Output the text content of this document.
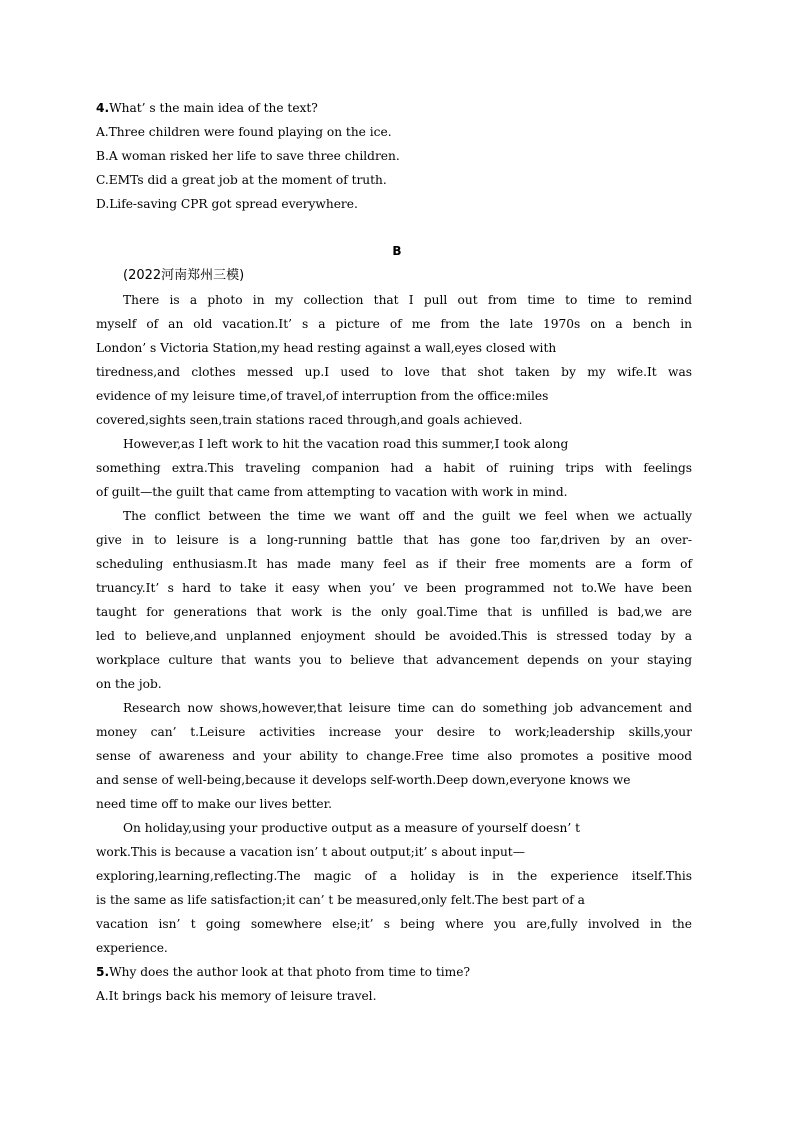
4.What’ s the main idea of the text?
A.Three children were found playing on the ice.
B.A woman risked her life to save three children.
C.EMTs did a great job at the moment of truth.
D.Life-saving CPR got spread everywhere.
B
(2022河南郑州三模)
There is a photo in my collection that I pull out from time to time to remind
myself of an old vacation.It’ s a picture of me from the late 1970s on a bench in
London’ s Victoria Station,my head resting against a wall,eyes closed with
tiredness,and clothes messed up.I used to love that shot taken by my wife.It was
evidence of my leisure time,of travel,of interruption from the office:miles
covered,sights seen,train stations raced through,and goals achieved.
However,as I left work to hit the vacation road this summer,I took along
something extra.This traveling companion had a habit of ruining trips with feelings
of guilt—the guilt that came from attempting to vacation with work in mind.
The conflict between the time we want off and the guilt we feel when we actually
give in to leisure is a long-running battle that has gone too far,driven by an over-
scheduling enthusiasm.It has made many feel as if their free moments are a form of
truancy.It’ s hard to take it easy when you’ ve been programmed not to.We have been
taught for generations that work is the only goal.Time that is unfilled is bad,we are
led to believe,and unplanned enjoyment should be avoided.This is stressed today by a
workplace culture that wants you to believe that advancement depends on your staying
on the job.
Research now shows,however,that leisure time can do something job advancement and
money can’ t.Leisure activities increase your desire to work;leadership skills,your
sense of awareness and your ability to change.Free time also promotes a positive mood
and sense of well-being,because it develops self-worth.Deep down,everyone knows we
need time off to make our lives better.
On holiday,using your productive output as a measure of yourself doesn’ t
work.This is because a vacation isn’ t about output;it’ s about input—
exploring,learning,reflecting.The magic of a holiday is in the experience itself.This
is the same as life satisfaction;it can’ t be measured,only felt.The best part of a
vacation isn’ t going somewhere else;it’ s being where you are,fully involved in the
experience.
5.Why does the author look at that photo from time to time?
A.It brings back his memory of leisure travel.
